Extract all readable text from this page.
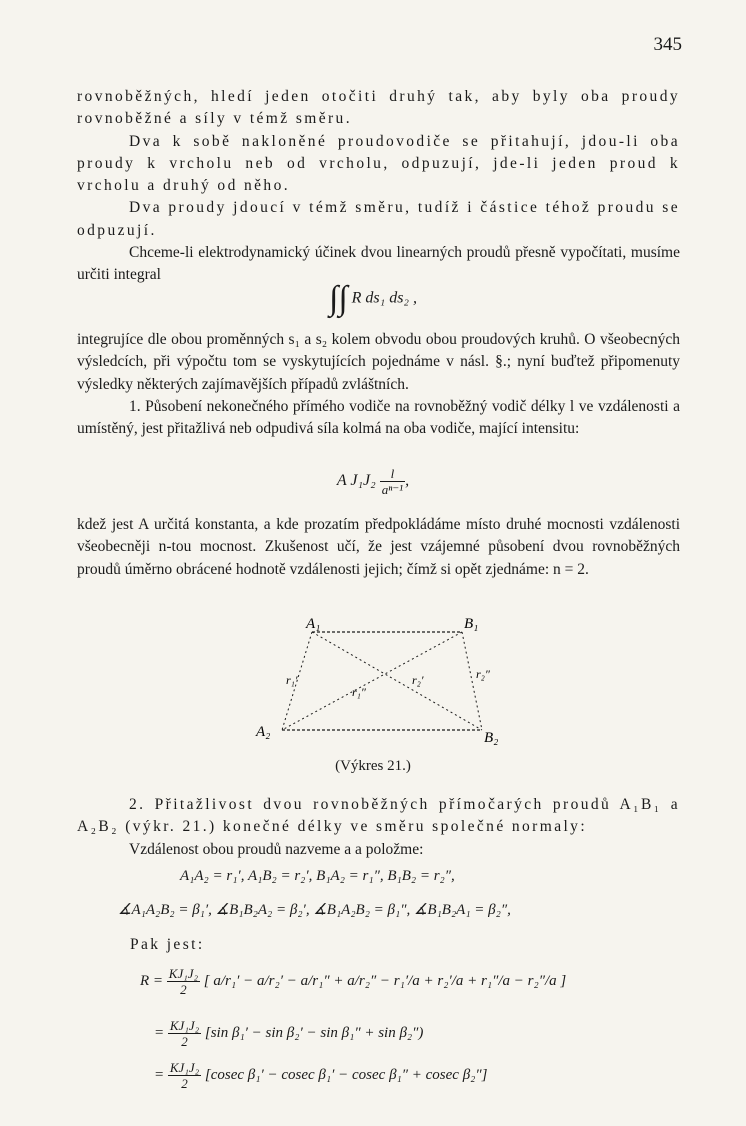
345

rovnoběžných, hledí jeden otočiti druhý tak, aby byly oba proudy rovnoběžné a síly v témž směru.

Dva k sobě nakloněné proudovodiče se přitahují, jdou-li oba proudy k vrcholu neb od vrcholu, odpuzují, jde-li jeden proud k vrcholu a druhý od něho.

Dva proudy jdoucí v témž směru, tudíž i částice téhož proudu se odpuzují.

Chceme-li elektrodynamický účinek dvou linearných proudů přesně vypočítati, musíme určiti integral

∫∫ R ds₁ ds₂ ,

integrujíce dle obou proměnných s₁ a s₂ kolem obvodu obou proudových kruhů. O všeobecných výsledcích, při výpočtu tom se vyskytujících pojednáme v násl. §.; nyní buďtež připomenuty výsledky některých zajímavějších případů zvláštních.

1. Působení nekonečného přímého vodiče na rovnoběžný vodič délky l ve vzdálenosti a umístěný, jest přitažlivá neb odpudivá síla kolmá na oba vodiče, mající intensitu:

A $J_1J_2 \frac{l}{\text{aⁿ⁻¹}}$ ,

kdež jest A určitá konstanta, a kde prozatím předpokládáme místo druhé mocnosti vzdálenosti všeobecněji n-tou mocnost. Zkušenost učí, že jest vzájemné působení dvou rovnoběžných proudů úměrno obrácené hodnotě vzdálenosti jejich; čímž si opět zjednáme: n = 2.

A₁	B₁
A₂	B₂
r₁′
r₁″
r₂′	r₂″
(Výkres 21.)

2. Přitažlivost dvou rovnoběžných přímočarých proudů A₁B₁ a A₂B₂ (výkr. 21.) konečné délky ve směru společné normaly:

Vzdálenost obou proudů nazveme a a položme:

A₁A₂ = r₁′, A₁B₂ = r₂′, B₁A₂ = r₁″, B₁B₂ = r₂″,
∡A₁A₂B₂ = β₁′, ∡B₁B₂A₂ = β₂′, ∡B₁A₂B₂ = β₁″, ∡B₁B₂A₁ = β₂″,

Pak jest:

$R = \frac{\text{KJ₁J₂}}{2}$ [ a/r₁′ − a/r₂′ − a/r₁″ + a/r₂″ − r₁′/a + r₂′/a + r₁″/a − r₂″/a ]
= $\frac{\text{KJ₁J₂}}{2} [\sin$ β₁′ − sin β₂′ − sin β₁″ + sin β₂″)
= $\frac{\text{KJ₁J₂}}{2} [cosec$ β₁′ − cosec β₁′ − cosec β₁″ + cosec β₂″]
